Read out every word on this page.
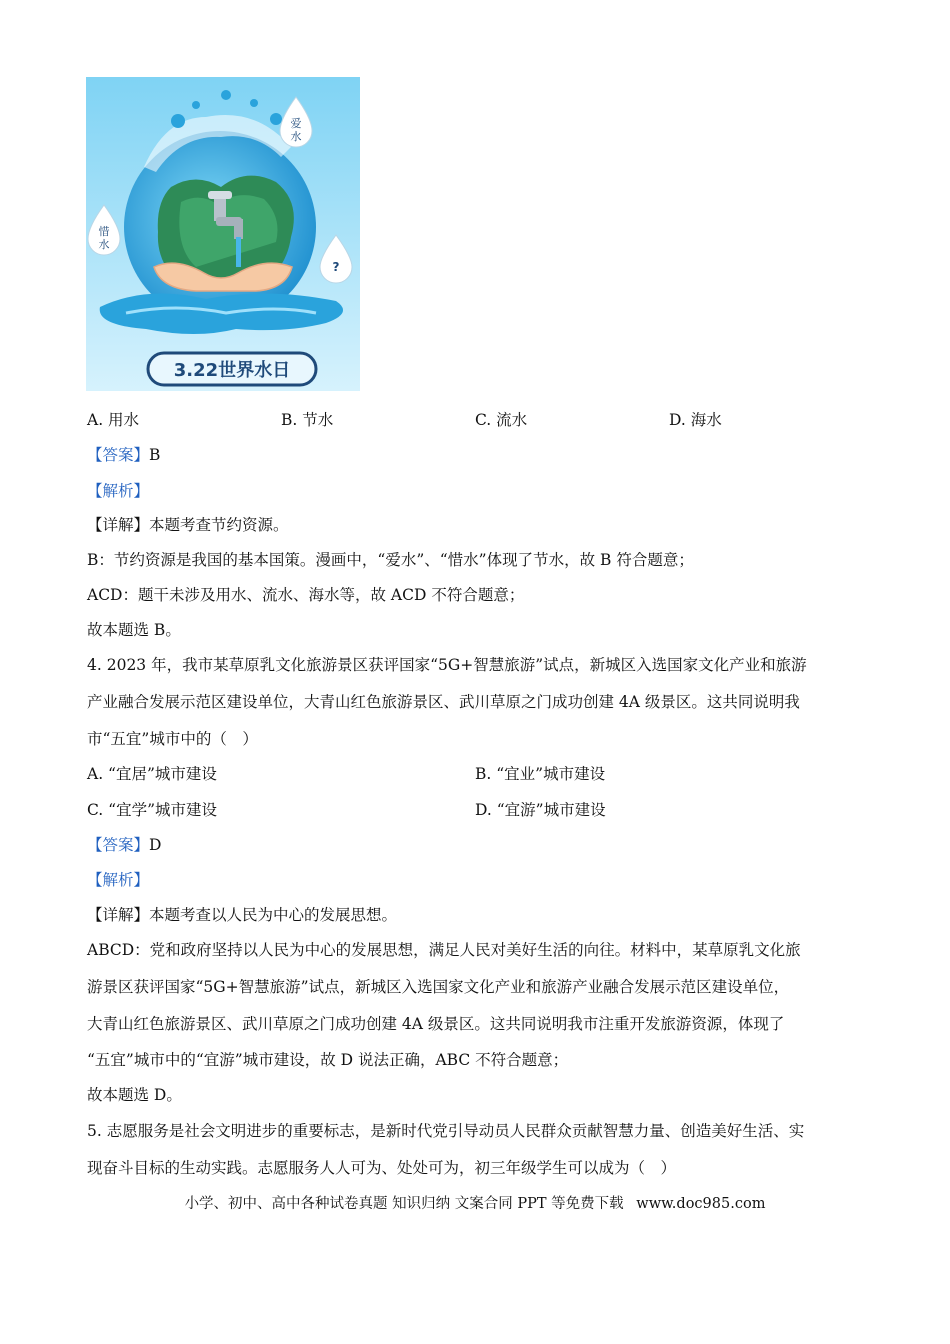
爱
水
惜
水
?
3.22世界水日
A. 用水	B. 节水	C. 流水	D. 海水
【答案】B
【解析】
【详解】本题考查节约资源。
B：节约资源是我国的基本国策。漫画中，“爱水”、“惜水”体现了节水，故 B 符合题意；
ACD：题干未涉及用水、流水、海水等，故 ACD 不符合题意；
故本题选 B。
4. 2023 年，我市某草原乳文化旅游景区获评国家“5G+智慧旅游”试点，新城区入选国家文化产业和旅游
产业融合发展示范区建设单位，大青山红色旅游景区、武川草原之门成功创建 4A 级景区。这共同说明我
市“五宜”城市中的（　）
A. “宜居”城市建设	B. “宜业”城市建设
C. “宜学”城市建设	D. “宜游”城市建设
【答案】D
【解析】
【详解】本题考查以人民为中心的发展思想。
ABCD：党和政府坚持以人民为中心的发展思想，满足人民对美好生活的向往。材料中，某草原乳文化旅
游景区获评国家“5G+智慧旅游”试点，新城区入选国家文化产业和旅游产业融合发展示范区建设单位，
大青山红色旅游景区、武川草原之门成功创建 4A 级景区。这共同说明我市注重开发旅游资源，体现了
“五宜”城市中的“宜游”城市建设，故 D 说法正确，ABC 不符合题意；
故本题选 D。
5. 志愿服务是社会文明进步的重要标志，是新时代党引导动员人民群众贡献智慧力量、创造美好生活、实
现奋斗目标的生动实践。志愿服务人人可为、处处可为，初三年级学生可以成为（　）
小学、初中、高中各种试卷真题 知识归纳 文案合同 PPT 等免费下载 www.doc985.com
